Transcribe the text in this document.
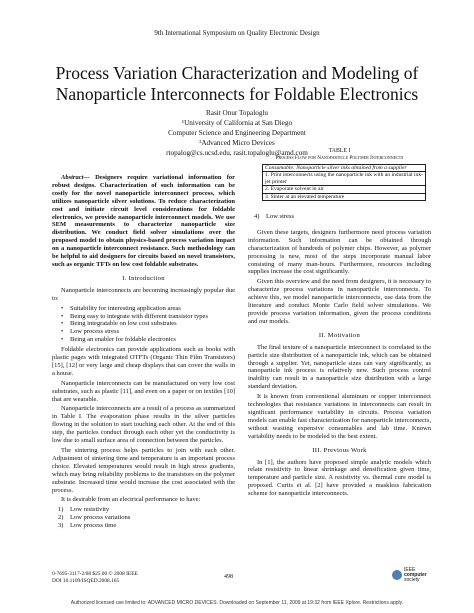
9th International Symposium on Quality Electronic Design
Process Variation Characterization and Modeling of
Nanoparticle Interconnects for Foldable Electronics
Rasit Onur Topaloglu
¹University of California at San Diego
Computer Science and Engineering Department
²Advanced Micro Devices
rtopalog@cs.ucsd.edu, rasit.topaloglu@amd.com
Abstract— Designers require variational information for robust designs. Characterization of such information can be costly for the novel nanoparticle interconnect process, which utilizes nanoparticle silver solutions. To reduce characterization cost and initiate circuit level considerations for foldable electronics, we provide nanoparticle interconnect models. We use SEM measurements to characterize nanoparticle size distribution. We conduct field solver simulations over the proposed model to obtain physics-based process variation impact on a nanoparticle interconnect resistance. Such methodology can be helpful to aid designers for circuits based on novel transistors, such as organic TFTs on low cost foldable substrates.
I. Introduction

Nanoparticle interconnects are becoming increasingly popular due to:

• Suitability for interesting application areas
• Being easy to integrate with different transistor types
• Being integratable on low cost substrates
• Low process stress
• Being an enabler for foldable electronics

Foldable electronics can provide applications such as books with plastic pages with integrated OTFTs (Organic Thin Film Transistors) [15], [12] or very large and cheap displays that can cover the walls in a house.

Nanoparticle interconnects can be manufactured on very low cost substrates, such as plastic [11], and even on a paper or on textiles [10] that are wearable.

Nanoparticle interconnects are a result of a process as summarized in Table I. The evaporation phase results in the silver particles flowing in the solution to start touching each other. At the end of this step, the particles conduct through each other yet the conductivity is low due to small surface area of connection between the particles.

The sintering process helps particles to join with each other. Adjustment of sintering time and temperature is an important process choice. Elevated temperatures would result in high stress gradients, which may bring reliability problems to the transistors on the polymer substrate. Increased time would increase the cost associated with the process.

It is desirable from an electrical performance to have:

1) Low resistivity
2) Low process variations
3) Low process time
TABLE I
Process Flow for Nanoparticle Polymer Interconnects
Consumable: Nanoparticle silver inks obtained from a supplier
1. Print interconnects using the nanoparticle ink with an industrial ink-jet printer
2. Evaporate solvent in air
3. Sinter at an elevated temperature
4) Low stress

Given these targets, designers furthermore need process variation information. Such information can be obtained through characterization of hundreds of polymer chips. However, as polymer processing is new, most of the steps incorporate manual labor consisting of many man-hours. Furthermore, resources including supplies increase the cost significantly.

Given this overview and the need from designers, it is necessary to characterize process variations in nanoparticle interconnects. To achieve this, we model nanoparticle interconnects, use data from the literature and conduct Monte Carlo field solver simulations. We provide process variation information, given the process conditions and our models.

II. Motivation

The final texture of a nanoparticle interconnect is correlated to the particle size distribution of a nanoparticle ink, which can be obtained through a supplier. Yet, nanoparticle sizes can vary significantly, as nanoparticle ink process is relatively new. Such process control inability can result in a nanoparticle size distribution with a large standard deviation.

It is known from conventional aluminum or copper interconnect technologies that resistance variations in interconnects can result in significant performance variability in circuits. Process variation models can enable fast characterization for nanoparticle interconnects, without wasting expensive consumables and lab time. Known variability needs to be modeled to the best extent.

III. Previous Work

In [1], the authors have proposed simple analytic models which relate resistivity to linear shrinkage and densification given time, temperature and particle size. A resistivity vs. thermal cure model is proposed. Curtis et al. [2] have provided a maskless fabrication scheme for nanoparticle interconnects.

0-7695-3117-2/08 $25.00 © 2008 IEEE
DOI 10.1109/ISQED.2008.165
498
IEEE
computer
society
Authorized licensed use limited to: ADVANCED MICRO DEVICES. Downloaded on September 11, 2009 at 19:32 from IEEE Xplore. Restrictions apply.
